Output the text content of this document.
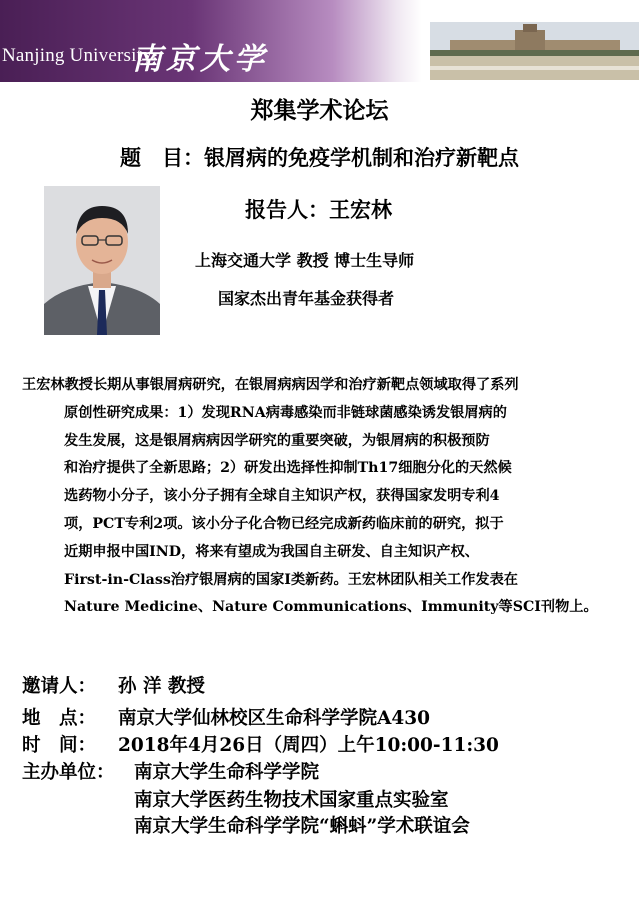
Nanjing University
南京大学
郑集学术论坛
题　目：银屑病的免疫学机制和治疗新靶点
报告人：王宏林
上海交通大学 教授 博士生导师
国家杰出青年基金获得者
王宏林教授长期从事银屑病研究，在银屑病病因学和治疗新靶点领域取得了系列
原创性研究成果：1）发现RNA病毒感染而非链球菌感染诱发银屑病的
发生发展，这是银屑病病因学研究的重要突破，为银屑病的积极预防
和治疗提供了全新思路；2）研发出选择性抑制Th17细胞分化的天然候
选药物小分子，该小分子拥有全球自主知识产权，获得国家发明专利4
项，PCT专利2项。该小分子化合物已经完成新药临床前的研究，拟于
近期申报中国IND，将来有望成为我国自主研发、自主知识产权、
First-in-Class治疗银屑病的国家I类新药。王宏林团队相关工作发表在
Nature Medicine、Nature Communications、Immunity等SCI刊物上。
邀请人： 孙 洋 教授
地　点： 南京大学仙林校区生命科学学院A430
时　间： 2018年4月26日（周四）上午10:00-11:30
主办单位： 南京大学生命科学学院
南京大学医药生物技术国家重点实验室
南京大学生命科学学院“蝌蚪”学术联谊会
